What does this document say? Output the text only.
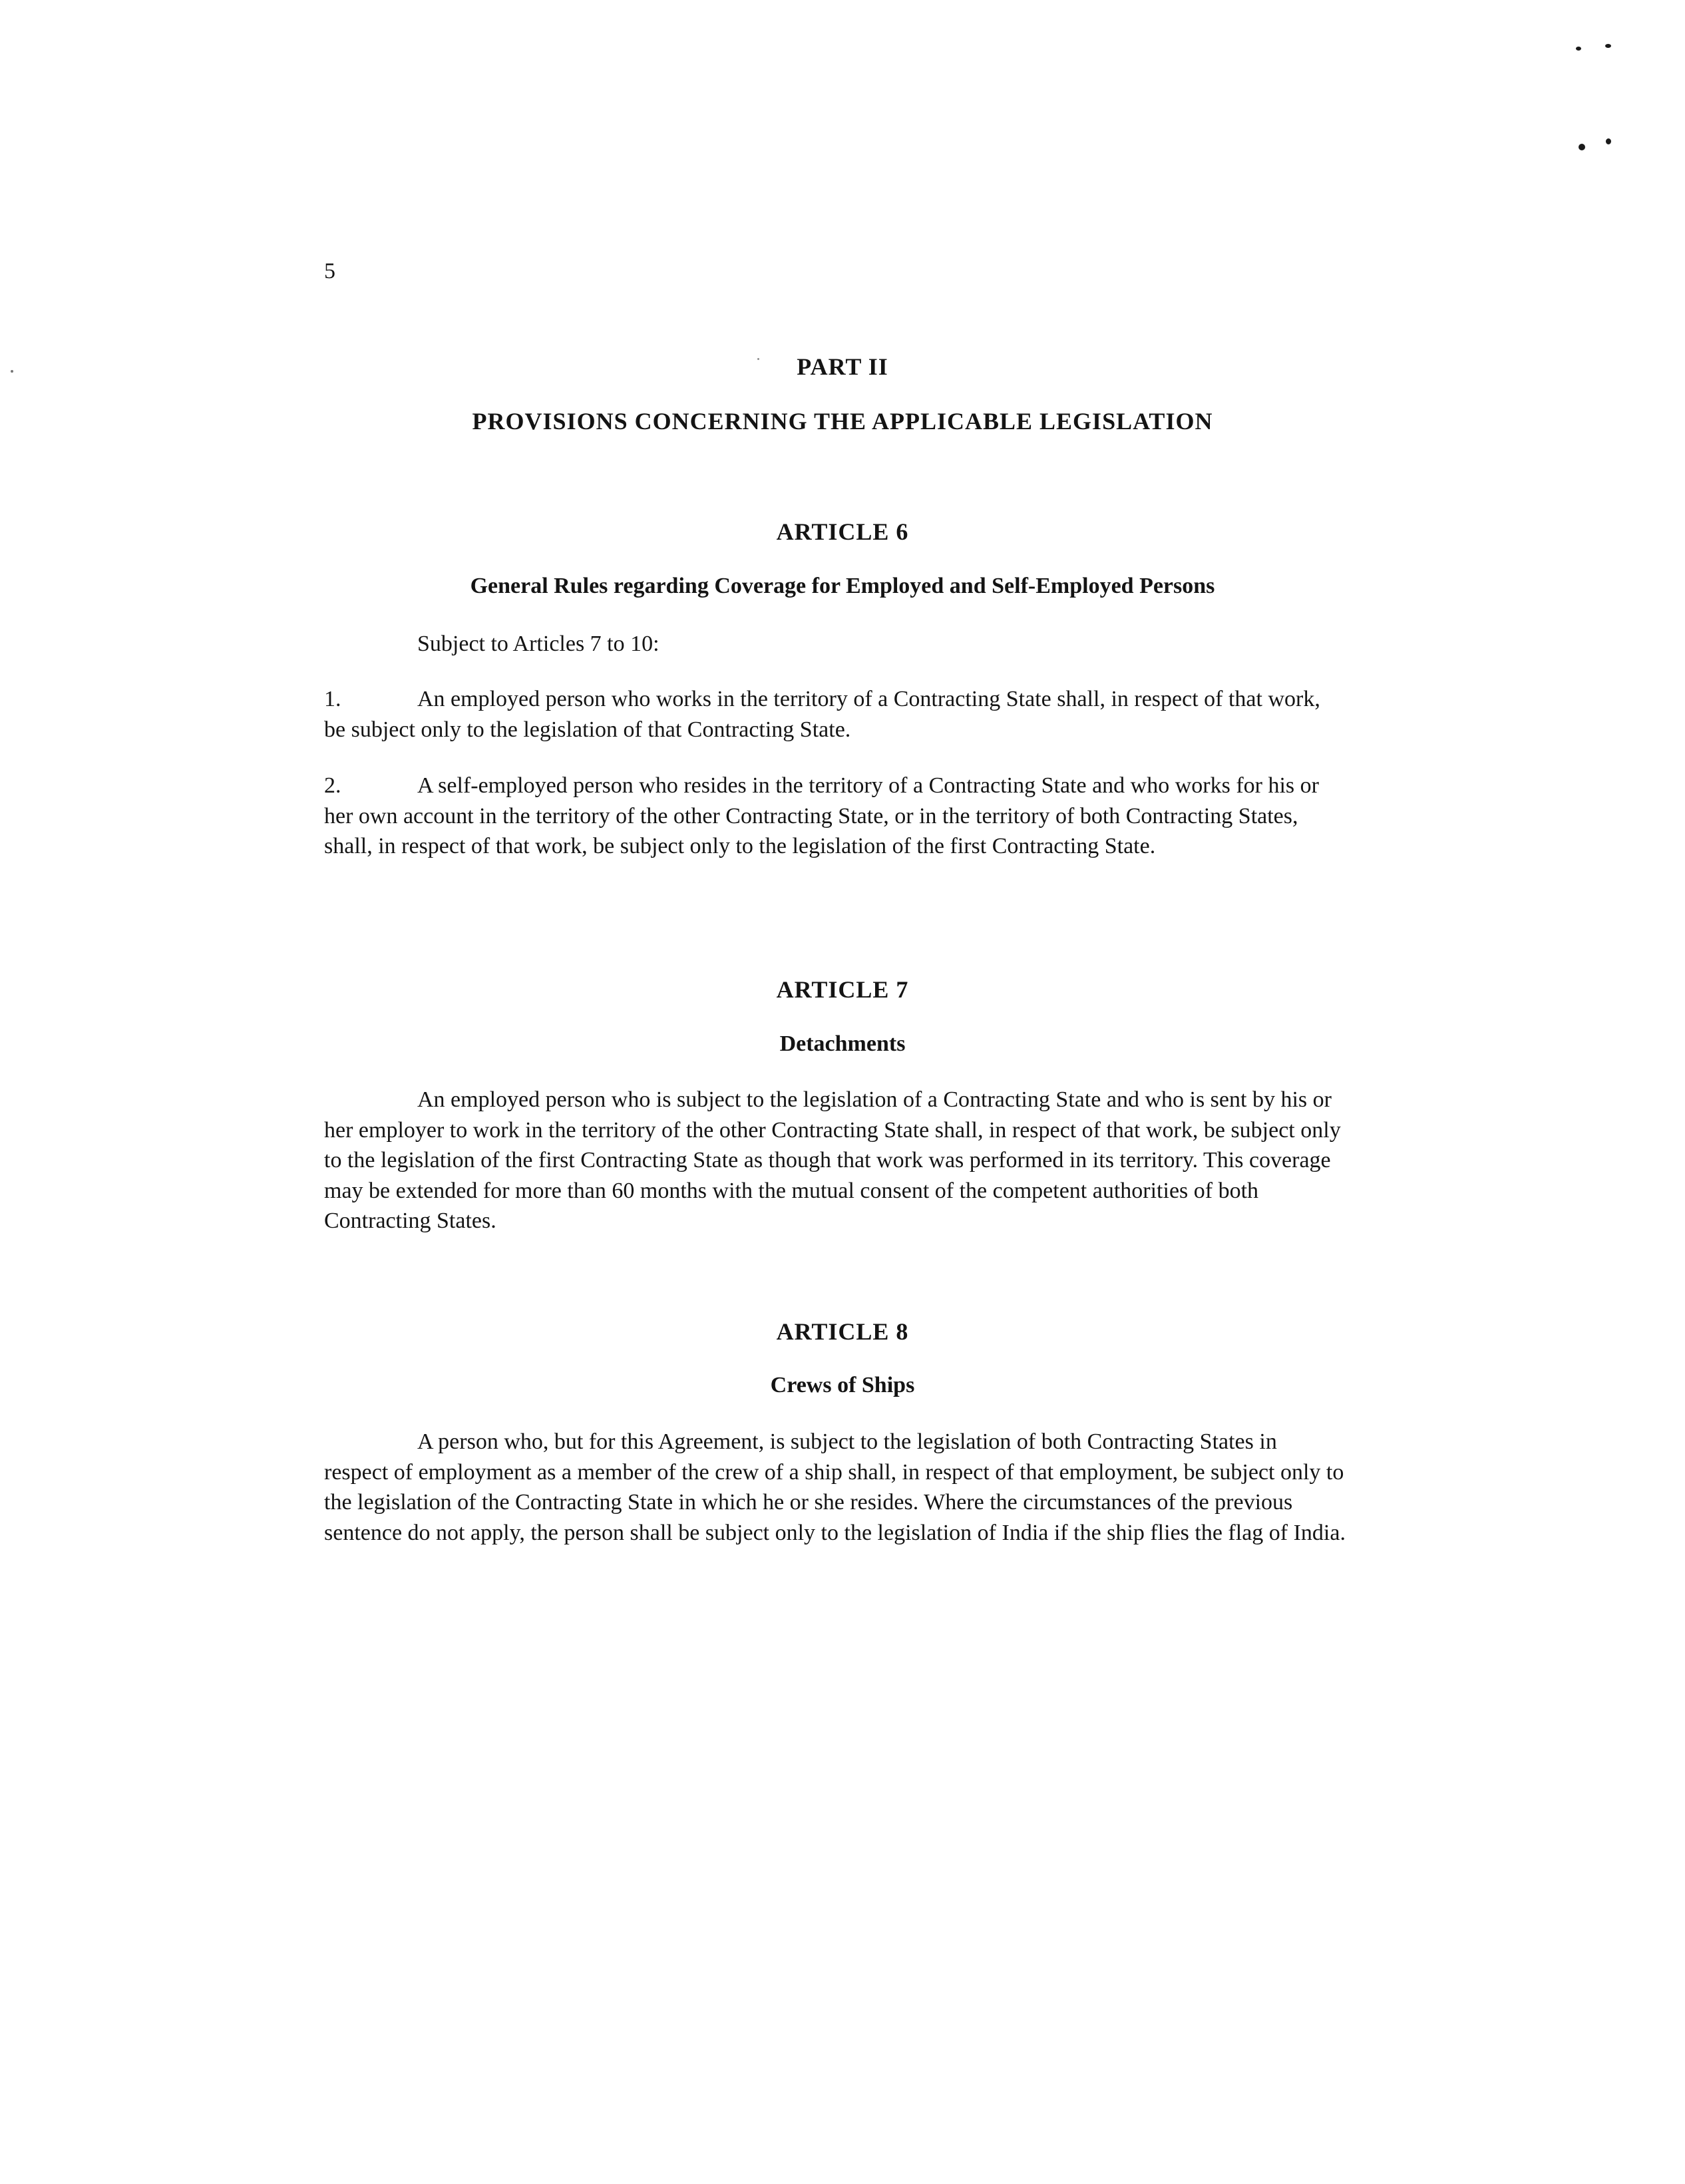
5
PART II
PROVISIONS CONCERNING THE APPLICABLE LEGISLATION
ARTICLE 6
General Rules regarding Coverage for Employed and Self-Employed Persons
Subject to Articles 7 to 10:
1.	An employed person who works in the territory of a Contracting State shall, in respect of that work, be subject only to the legislation of that Contracting State.
2.	A self-employed person who resides in the territory of a Contracting State and who works for his or her own account in the territory of the other Contracting State, or in the territory of both Contracting States, shall, in respect of that work, be subject only to the legislation of the first Contracting State.
ARTICLE 7
Detachments
An employed person who is subject to the legislation of a Contracting State and who is sent by his or her employer to work in the territory of the other Contracting State shall, in respect of that work, be subject only to the legislation of the first Contracting State as though that work was performed in its territory. This coverage may be extended for more than 60 months with the mutual consent of the competent authorities of both Contracting States.
ARTICLE 8
Crews of Ships
A person who, but for this Agreement, is subject to the legislation of both Contracting States in respect of employment as a member of the crew of a ship shall, in respect of that employment, be subject only to the legislation of the Contracting State in which he or she resides. Where the circumstances of the previous sentence do not apply, the person shall be subject only to the legislation of India if the ship flies the flag of India.
